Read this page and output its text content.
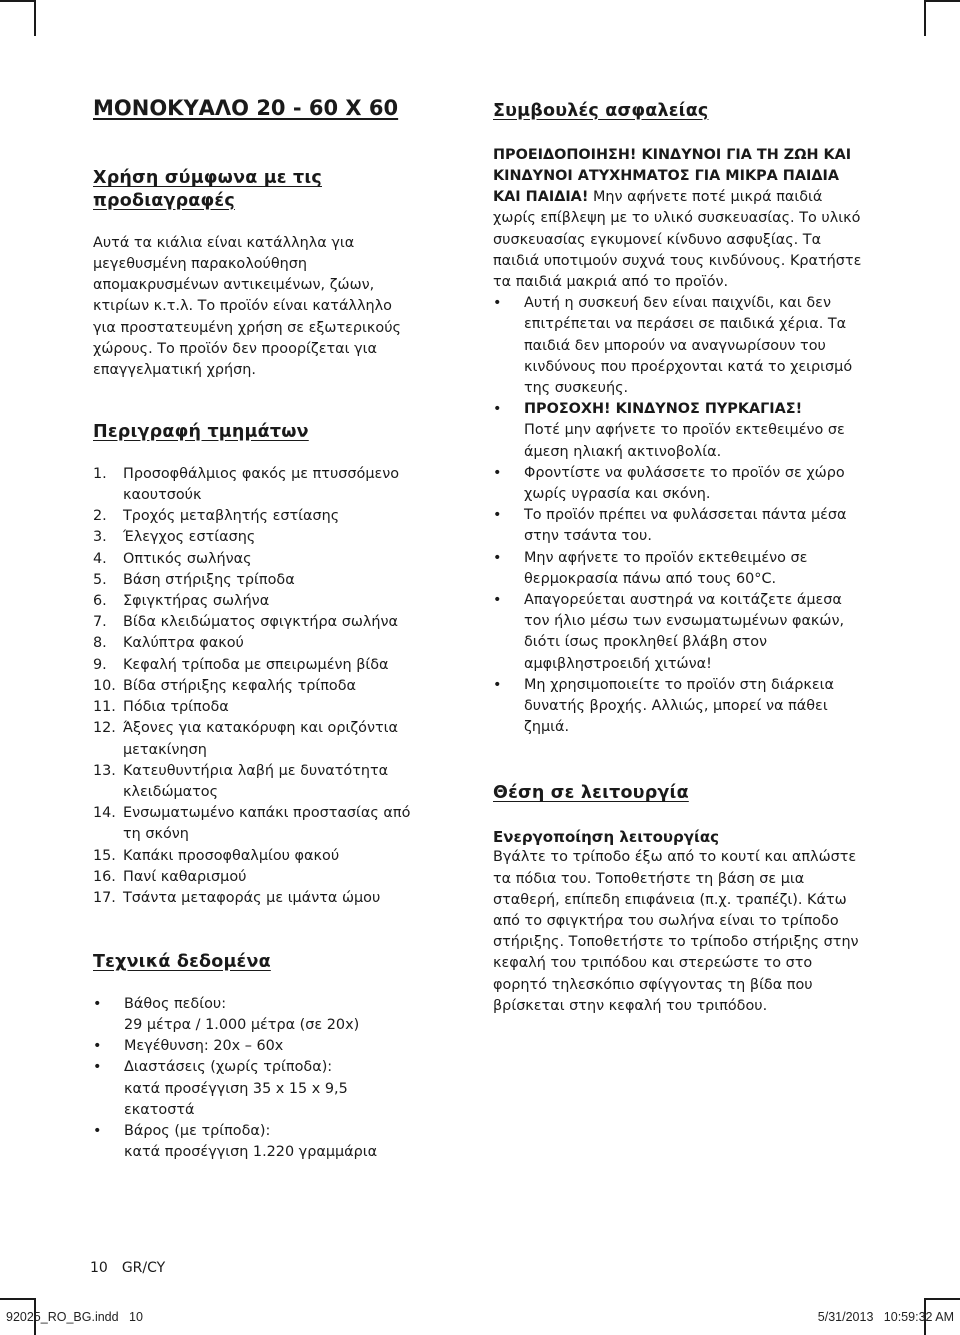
ΜΟΝΟΚΥΑΛΟ 20 - 60 Χ 60
Χρήση σύμφωνα με τις προδιαγραφές

Αυτά τα κιάλια είναι κατάλληλα για μεγεθυσμένη παρακολούθηση απομακρυσμένων αντικειμένων, ζώων, κτιρίων κ.τ.λ. Το προϊόν είναι κατάλληλο για προστατευμένη χρήση σε εξωτερικούς χώρους. Το προϊόν δεν προορίζεται για επαγγελματική χρήση.

Περιγραφή τμημάτων
1.	Προσοφθάλμιος φακός με πτυσσόμενο καουτσούκ
2.	Τροχός μεταβλητής εστίασης
3.	Έλεγχος εστίασης
4.	Οπτικός σωλήνας
5.	Βάση στήριξης τρίποδα
6.	Σφιγκτήρας σωλήνα
7.	Βίδα κλειδώματος σφιγκτήρα σωλήνα
8.	Καλύπτρα φακού
9.	Κεφαλή τρίποδα με σπειρωμένη βίδα
10. Βίδα στήριξης κεφαλής τρίποδα
11. Πόδια τρίποδα
12. Άξονες για κατακόρυφη και οριζόντια μετακίνηση
13. Κατευθυντήρια λαβή με δυνατότητα κλειδώματος
14. Ενσωματωμένο καπάκι προστασίας από τη σκόνη
15. Καπάκι προσοφθαλμίου φακού
16. Πανί καθαρισμού
17. Τσάντα μεταφοράς με ιμάντα ώμου
Τεχνικά δεδομένα
•	Βάθος πεδίου:
29 μέτρα / 1.000 μέτρα (σε 20x)
•	Μεγέθυνση: 20x – 60x
•	Διαστάσεις (χωρίς τρίποδα):
κατά προσέγγιση 35 x 15 x 9,5 εκατοστά
•	Βάρος (με τρίποδα):
κατά προσέγγιση 1.220 γραμμάρια
Συμβουλές ασφαλείας

ΠΡΟΕΙΔΟΠΟΙΗΣΗ! ΚΙΝΔΥΝΟΙ ΓΙΑ ΤΗ ΖΩΗ ΚΑΙ ΚΙΝΔΥΝΟΙ ΑΤΥΧΗΜΑΤΟΣ ΓΙΑ ΜΙΚΡΑ ΠΑΙΔΙΑ ΚΑΙ ΠΑΙΔΙΑ! Μην αφήνετε ποτέ μικρά παιδιά χωρίς επίβλεψη με το υλικό συσκευασίας. Το υλικό συσκευασίας εγκυμονεί κίνδυνο ασφυξίας. Τα παιδιά υποτιμούν συχνά τους κινδύνους. Κρατήστε τα παιδιά μακριά από το προϊόν.

•	Αυτή η συσκευή δεν είναι παιχνίδι, και δεν επιτρέπεται να περάσει σε παιδικά χέρια. Τα παιδιά δεν μπορούν να αναγνωρίσουν του κινδύνους που προέρχονται κατά το χειρισμό της συσκευής.
•	ΠΡΟΣΟΧΗ! ΚΙΝΔΥΝΟΣ ΠΥΡΚΑΓΙΑΣ!
Ποτέ μην αφήνετε το προϊόν εκτεθειμένο σε άμεση ηλιακή ακτινοβολία.
•	Φροντίστε να φυλάσσετε το προϊόν σε χώρο χωρίς υγρασία και σκόνη.
•	Το προϊόν πρέπει να φυλάσσεται πάντα μέσα στην τσάντα του.
•	Μην αφήνετε το προϊόν εκτεθειμένο σε θερμοκρασία πάνω από τους 60°C.
•	Απαγορεύεται αυστηρά να κοιτάζετε άμεσα τον ήλιο μέσω των ενσωματωμένων φακών, διότι ίσως προκληθεί βλάβη στον αμφιβληστροειδή χιτώνα!
•	Μη χρησιμοποιείτε το προϊόν στη διάρκεια δυνατής βροχής. Αλλιώς, μπορεί να πάθει ζημιά.
Θέση σε λειτουργία
Ενεργοποίηση λειτουργίας

Βγάλτε το τρίποδο έξω από το κουτί και απλώστε τα πόδια του. Τοποθετήστε τη βάση σε μια σταθερή, επίπεδη επιφάνεια (π.χ. τραπέζι). Κάτω από το σφιγκτήρα του σωλήνα είναι το τρίποδο στήριξης. Τοποθετήστε το τρίποδο στήριξης στην κεφαλή του τριπόδου και στερεώστε το στο φορητό τηλεσκόπιο σφίγγοντας τη βίδα που βρίσκεται στην κεφαλή του τριπόδου.

10 GR/CY
92025_RO_BG.indd   10	5/31/2013   10:59:32 AM
